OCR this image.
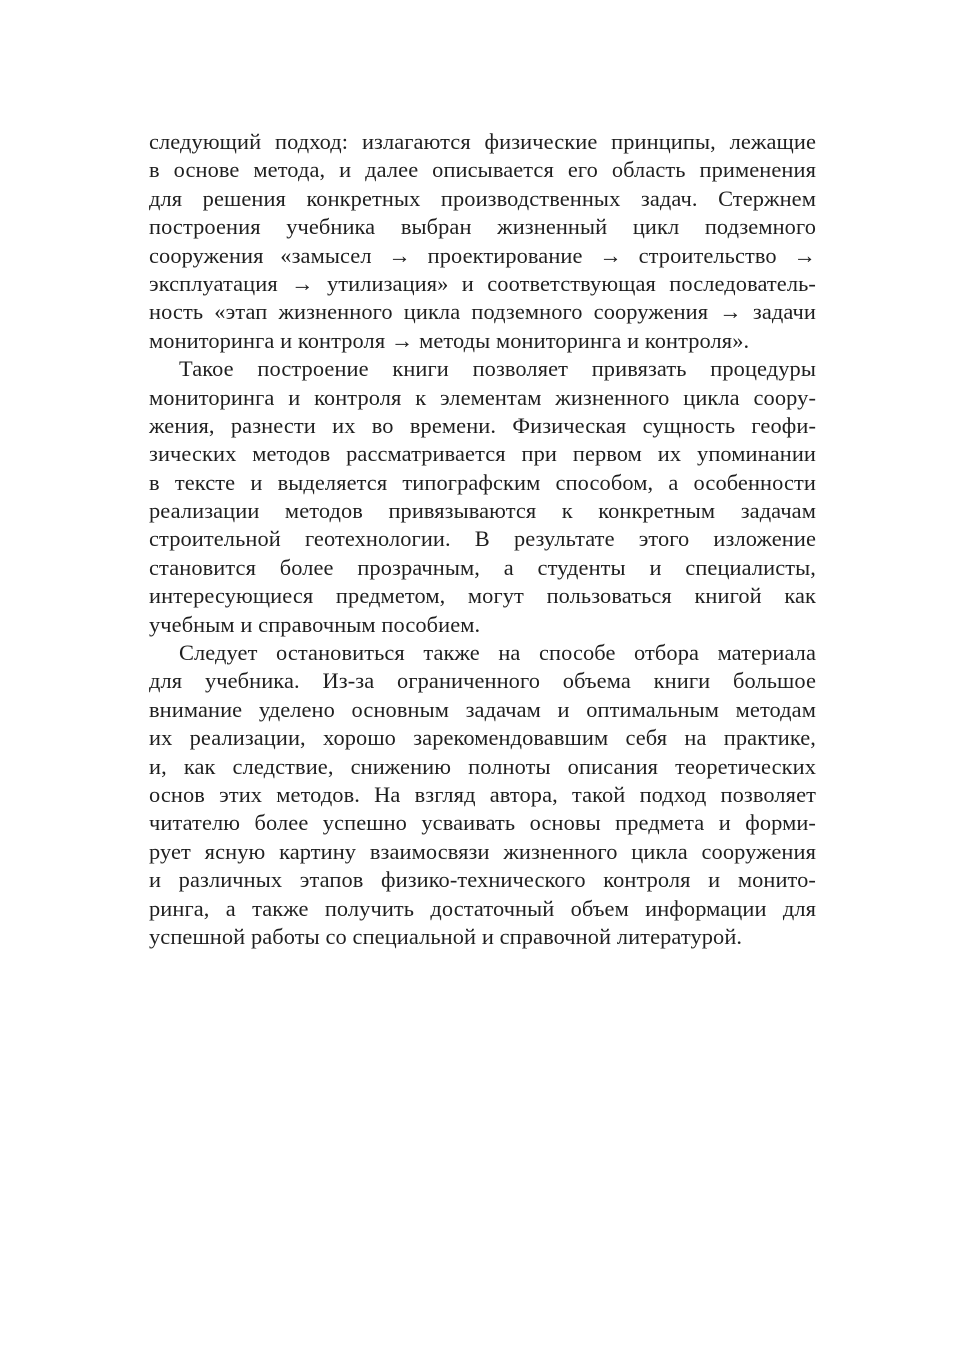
следующий подход: излагаются физические принципы, лежащие
в основе метода, и далее описывается его область применения
для решения конкретных производственных задач. Стержнем
построения учебника выбран жизненный цикл подземного
сооружения «замысел → проектирование → строительство →
эксплуатация → утилизация» и соответствующая последователь-
ность «этап жизненного цикла подземного сооружения → задачи
мониторинга и контроля → методы мониторинга и контроля».
Такое построение книги позволяет привязать процедуры
мониторинга и контроля к элементам жизненного цикла соору-
жения, разнести их во времени. Физическая сущность геофи-
зических методов рассматривается при первом их упоминании
в тексте и выделяется типографским способом, а особенности
реализации методов привязываются к конкретным задачам
строительной геотехнологии. В результате этого изложение
становится более прозрачным, а студенты и специалисты,
интересующиеся предметом, могут пользоваться книгой как
учебным и справочным пособием.
Следует остановиться также на способе отбора материала
для учебника. Из-за ограниченного объема книги большое
внимание уделено основным задачам и оптимальным методам
их реализации, хорошо зарекомендовавшим себя на практике,
и, как следствие, снижению полноты описания теоретических
основ этих методов. На взгляд автора, такой подход позволяет
читателю более успешно усваивать основы предмета и форми-
рует ясную картину взаимосвязи жизненного цикла сооружения
и различных этапов физико-технического контроля и монито-
ринга, а также получить достаточный объем информации для
успешной работы со специальной и справочной литературой.
